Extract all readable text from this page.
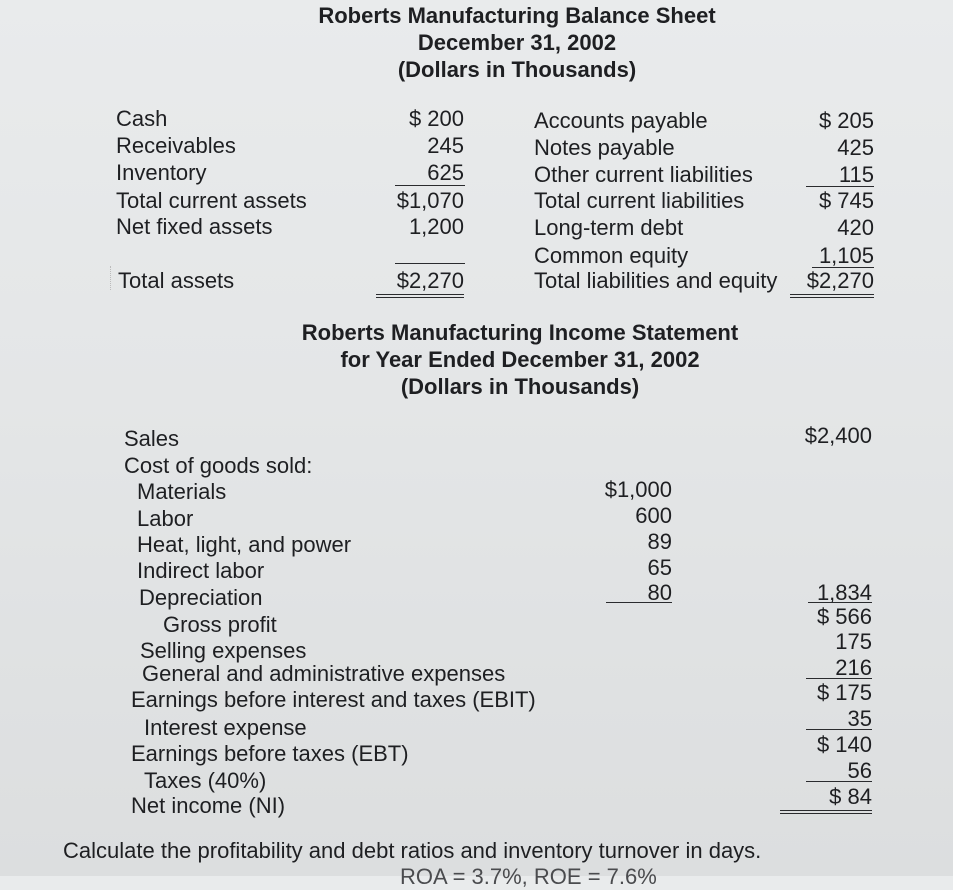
Roberts Manufacturing Balance Sheet
December 31, 2002
(Dollars in Thousands)
Cash
Receivables
Inventory
Total current assets
Net fixed assets
Total assets
$ 200
245
625
$1,070
1,200
$2,270
Accounts payable
Notes payable
Other current liabilities
Total current liabilities
Long-term debt
Common equity
Total liabilities and equity
$ 205
425
115
$ 745
420
1,105
$2,270
Roberts Manufacturing Income Statement
for Year Ended December 31, 2002
(Dollars in Thousands)
Sales	$2,400
Cost of goods sold:
Materials
Labor
Heat, light, and power
Indirect labor
Depreciation
$1,000
600
89
65
80	1,834
Gross profit
Selling expenses
General and administrative expenses
Earnings before interest and taxes (EBIT)
Interest expense
Earnings before taxes (EBT)
Taxes (40%)
Net income (NI)
$ 566
175
216
$ 175
35
$ 140
56
$ 84
Calculate the profitability and debt ratios and inventory turnover in days.
ROA = 3.7%, ROE = 7.6%
